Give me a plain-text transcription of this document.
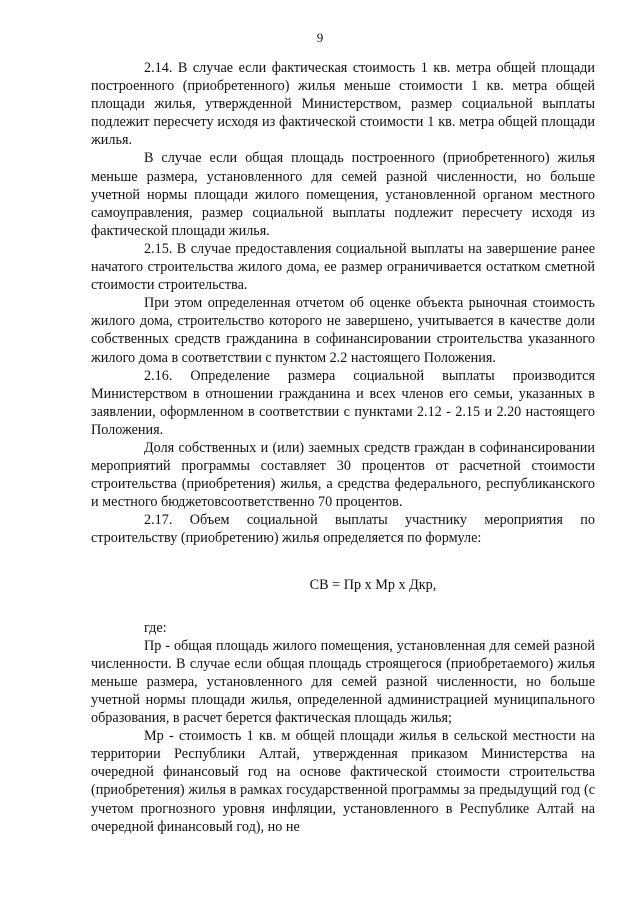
9

2.14. В случае если фактическая стоимость 1 кв. метра общей площади построенного (приобретенного) жилья меньше стоимости 1 кв. метра общей площади жилья, утвержденной Министерством, размер социальной выплаты подлежит пересчету исходя из фактической стоимости 1 кв. метра общей площади жилья.

В случае если общая площадь построенного (приобретенного) жилья меньше размера, установленного для семей разной численности, но больше учетной нормы площади жилого помещения, установленной органом местного самоуправления, размер социальной выплаты подлежит пересчету исходя из фактической площади жилья.

2.15. В случае предоставления социальной выплаты на завершение ранее начатого строительства жилого дома, ее размер ограничивается остатком сметной стоимости строительства.

При этом определенная отчетом об оценке объекта рыночная стоимость жилого дома, строительство которого не завершено, учитывается в качестве доли собственных средств гражданина в софинансировании строительства указанного жилого дома в соответствии с пунктом 2.2 настоящего Положения.

2.16. Определение размера социальной выплаты производится Министерством в отношении гражданина и всех членов его семьи, указанных в заявлении, оформленном в соответствии с пунктами 2.12 - 2.15 и 2.20 настоящего Положения.

Доля собственных и (или) заемных средств граждан в софинансировании мероприятий программы составляет 30 процентов от расчетной стоимости строительства (приобретения) жилья, а средства федерального, республиканского и местного бюджетовсоответственно 70 процентов.

2.17. Объем социальной выплаты участнику мероприятия по строительству (приобретению) жилья определяется по формуле:

СВ = Пр х Мр х Дкр,

где:

Пр - общая площадь жилого помещения, установленная для семей разной численности. В случае если общая площадь строящегося (приобретаемого) жилья меньше размера, установленного для семей разной численности, но больше учетной нормы площади жилья, определенной администрацией муниципального образования, в расчет берется фактическая площадь жилья;

Мр - стоимость 1 кв. м общей площади жилья в сельской местности на территории Республики Алтай, утвержденная приказом Министерства на очередной финансовый год на основе фактической стоимости строительства (приобретения) жилья в рамках государственной программы за предыдущий год (с учетом прогнозного уровня инфляции, установленного в Республике Алтай на очередной финансовый год), но не
